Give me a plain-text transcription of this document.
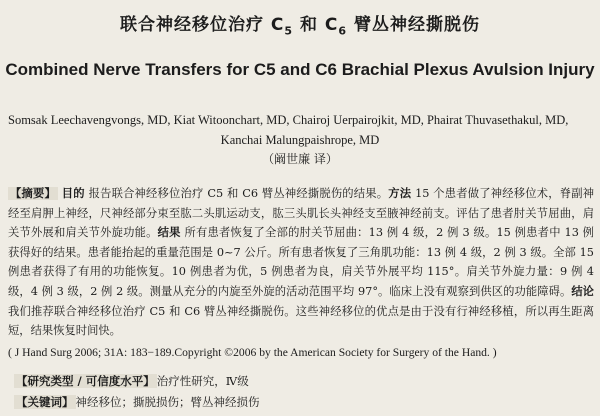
联合神经移位治疗 $C_5$ 和 $C_6$ 臂丛神经撕脱伤
Combined Nerve Transfers for C5 and C6 Brachial Plexus Avulsion Injury
Somsak Leechavengvongs, MD, Kiat Witoonchart, MD, Chairoj Uerpairojkit, MD, Phairat Thuvasethakul, MD,
Kanchai Malungpaishrope, MD
（阚世廉 译）
【摘要】 目的 报告联合神经移位治疗 C5 和 C6 臂丛神经撕脱伤的结果。方法 15 个患者做了神经移位术，脊副神经至肩胛上神经，尺神经部分束至肱二头肌运动支，肱三头肌长头神经支至腋神经前支。评估了患者肘关节屈曲，肩关节外展和肩关节外旋功能。结果 所有患者恢复了全部的肘关节屈曲：13 例 4 级，2 例 3 级。15 例患者中 13 例获得好的结果。患者能抬起的重量范围是 0~7 公斤。所有患者恢复了三角肌功能：13 例 4 级，2 例 3 级。全部 15 例患者获得了有用的功能恢复。10 例患者为优，5 例患者为良，肩关节外展平均 115°。肩关节外旋力量：9 例 4 级，4 例 3 级，2 例 2 级。测量从充分的内旋至外旋的活动范围平均 97°。临床上没有观察到供区的功能障碍。结论 我们推荐联合神经移位治疗 C5 和 C6 臂丛神经撕脱伤。这些神经移位的优点是由于没有行神经移植，所以再生距离短，结果恢复时间快。
( J Hand Surg 2006; 31A: 183−189.Copyright ©2006 by the American Society for Surgery of the Hand. )
【研究类型 / 可信度水平】 治疗性研究，Ⅳ级
【关键词】 神经移位；撕脱损伤；臂丛神经损伤
